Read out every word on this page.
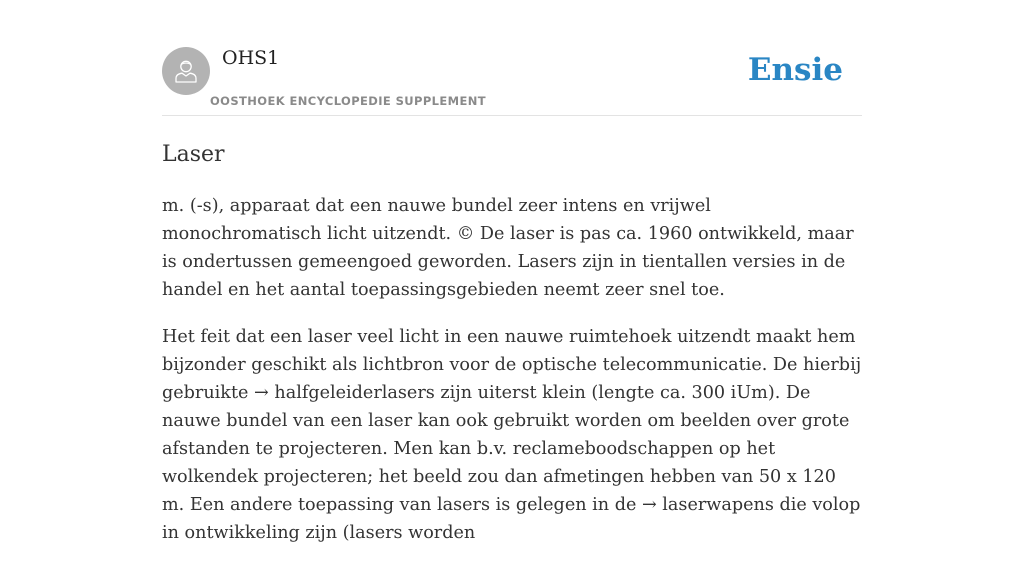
OHS1
OOSTHOEK ENCYCLOPEDIE SUPPLEMENT
Ensie
Laser

m. (-s), apparaat dat een nauwe bundel zeer intens en vrijwel monochromatisch licht uitzendt. © De laser is pas ca. 1960 ontwikkeld, maar is ondertussen gemeengoed geworden. Lasers zijn in tientallen versies in de handel en het aantal toepassingsgebieden neemt zeer snel toe.

Het feit dat een laser veel licht in een nauwe ruimtehoek uitzendt maakt hem bijzonder geschikt als lichtbron voor de optische telecommunicatie. De hierbij gebruikte → halfgeleiderlasers zijn uiterst klein (lengte ca. 300 iUm). De nauwe bundel van een laser kan ook gebruikt worden om beelden over grote afstanden te projecteren. Men kan b.v. reclameboodschappen op het wolkendek projecteren; het beeld zou dan afmetingen hebben van 50 x 120 m. Een andere toepassing van lasers is gelegen in de → laserwapens die volop in ontwikkeling zijn (lasers worden
